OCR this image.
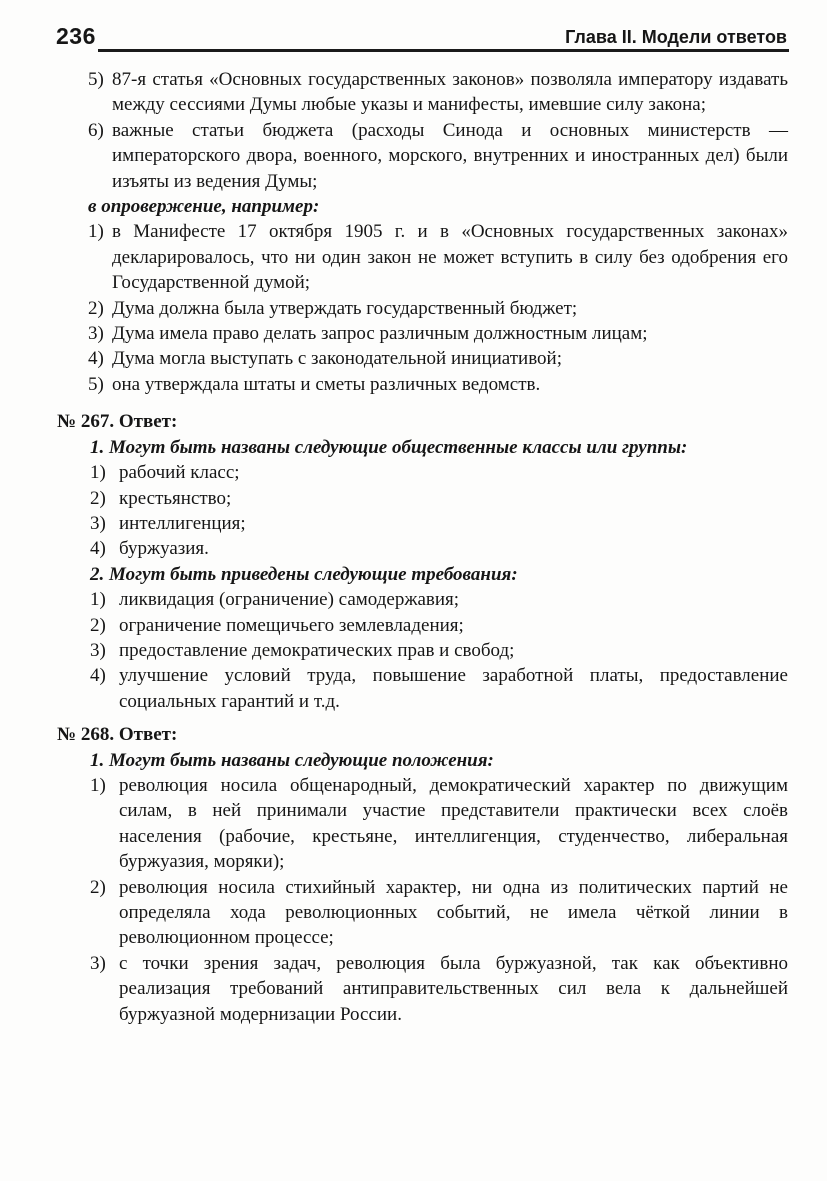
236	Глава II. Модели ответов
5) 87-я статья «Основных государственных законов» позволяла императору издавать между сессиями Думы любые указы и манифесты, имевшие силу закона;
6) важные статьи бюджета (расходы Синода и основных министерств — императорского двора, военного, морского, внутренних и иностранных дел) были изъяты из ведения Думы;
в опровержение, например:
1) в Манифесте 17 октября 1905 г. и в «Основных государственных законах» декларировалось, что ни один закон не может вступить в силу без одобрения его Государственной думой;
2) Дума должна была утверждать государственный бюджет;
3) Дума имела право делать запрос различным должностным лицам;
4) Дума могла выступать с законодательной инициативой;
5) она утверждала штаты и сметы различных ведомств.
№ 267. Ответ:
1. Могут быть названы следующие общественные классы или группы:
1) рабочий класс;
2) крестьянство;
3) интеллигенция;
4) буржуазия.
2. Могут быть приведены следующие требования:
1) ликвидация (ограничение) самодержавия;
2) ограничение помещичьего землевладения;
3) предоставление демократических прав и свобод;
4) улучшение условий труда, повышение заработной платы, предоставление социальных гарантий и т.д.
№ 268. Ответ:
1. Могут быть названы следующие положения:
1) революция носила общенародный, демократический характер по движущим силам, в ней принимали участие представители практически всех слоёв населения (рабочие, крестьяне, интеллигенция, студенчество, либеральная буржуазия, моряки);
2) революция носила стихийный характер, ни одна из политических партий не определяла хода революционных событий, не имела чёткой линии в революционном процессе;
3) с точки зрения задач, революция была буржуазной, так как объективно реализация требований антиправительственных сил вела к дальнейшей буржуазной модернизации России.
